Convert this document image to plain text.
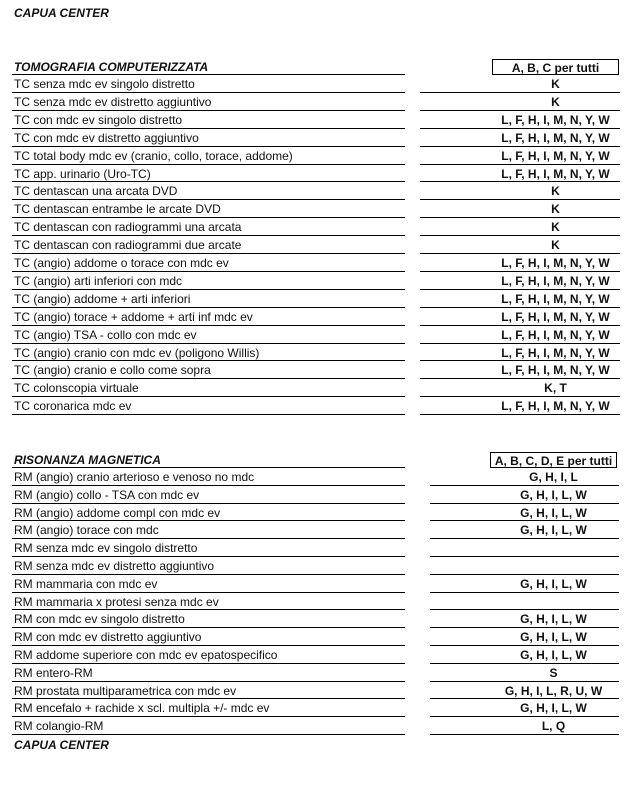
CAPUA CENTER
TOMOGRAFIA COMPUTERIZZATA	A, B, C per tutti
TC senza mdc ev singolo distretto	K
TC senza mdc ev distretto aggiuntivo	K
TC con mdc ev singolo distretto	L, F, H, I, M, N, Y, W
TC con mdc ev distretto aggiuntivo	L, F, H, I, M, N, Y, W
TC total body mdc ev (cranio, collo, torace, addome)	L, F, H, I, M, N, Y, W
TC app. urinario (Uro-TC)	L, F, H, I, M, N, Y, W
TC dentascan una arcata DVD	K
TC dentascan entrambe le arcate DVD	K
TC dentascan con radiogrammi una arcata	K
TC dentascan con radiogrammi due arcate	K
TC (angio) addome o torace con mdc ev	L, F, H, I, M, N, Y, W
TC (angio) arti inferiori con mdc	L, F, H, I, M, N, Y, W
TC (angio) addome + arti inferiori	L, F, H, I, M, N, Y, W
TC (angio) torace + addome + arti inf mdc ev	L, F, H, I, M, N, Y, W
TC (angio) TSA - collo con mdc ev	L, F, H, I, M, N, Y, W
TC (angio) cranio con mdc ev (poligono Willis)	L, F, H, I, M, N, Y, W
TC (angio) cranio e collo come sopra	L, F, H, I, M, N, Y, W
TC colonscopia virtuale	K, T
TC coronarica mdc ev	L, F, H, I, M, N, Y, W
RISONANZA MAGNETICA	A, B, C, D, E per tutti
RM (angio) cranio arterioso e venoso no mdc	G, H, I, L
RM (angio) collo - TSA con mdc ev	G, H, I, L, W
RM (angio) addome compl con mdc ev	G, H, I, L, W
RM (angio) torace con mdc	G, H, I, L, W
RM senza mdc ev singolo distretto
RM senza mdc ev distretto aggiuntivo
RM mammaria con mdc ev	G, H, I, L, W
RM mammaria x protesi senza mdc ev
RM con mdc ev singolo distretto	G, H, I, L, W
RM con mdc ev distretto aggiuntivo	G, H, I, L, W
RM addome superiore con mdc ev epatospecifico	G, H, I, L, W
RM entero-RM	S
RM prostata multiparametrica con mdc ev	G, H, I, L, R, U, W
RM encefalo + rachide x scl. multipla +/- mdc ev	G, H, I, L, W
RM colangio-RM	L, Q
CAPUA CENTER
